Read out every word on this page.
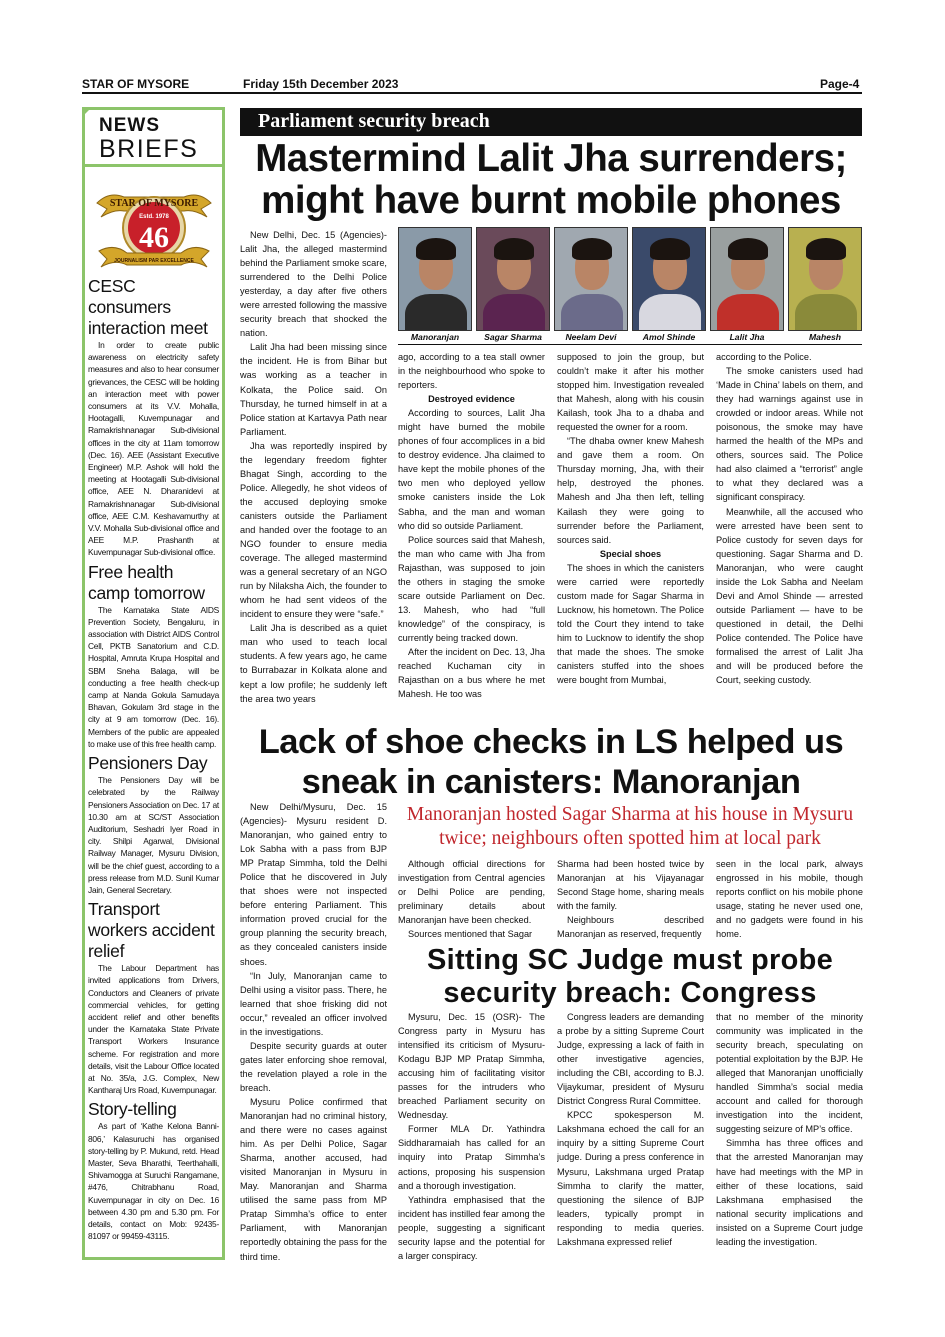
STAR OF MYSORE	Friday 15th December 2023	Page-4
NEWS
BRIEFS
STAR OF MYSORE
Estd. 1978
46
JOURNALISM PAR EXCELLENCE
CESC consumers interaction meet
In order to create public awareness on electricity safety measures and also to hear consumer grievances, the CESC will be holding an interaction meet with power consumers at its V.V. Mohalla, Hootagalli, Kuvempunagar and Ramakrishnanagar Sub-divisional offices in the city at 11am tomorrow (Dec. 16). AEE (Assistant Executive Engineer) M.P. Ashok will hold the meeting at Hootagalli Sub-divisional office, AEE N. Dharanidevi at Ramakrishnanagar Sub-divisional office, AEE C.M. Keshavamurthy at V.V. Mohalla Sub-divisional office and AEE M.P. Prashanth at Kuvempunagar Sub-divisional office.
Free health camp tomorrow
The Karnataka State AIDS Prevention Society, Bengaluru, in association with District AIDS Control Cell, PKTB Sanatorium and C.D. Hospital, Amruta Krupa Hospital and SBM Sneha Balaga, will be conducting a free health check-up camp at Nanda Gokula Samudaya Bhavan, Gokulam 3rd stage in the city at 9 am tomorrow (Dec. 16). Members of the public are appealed to make use of this free health camp.
Pensioners Day
The Pensioners Day will be celebrated by the Railway Pensioners Association on Dec. 17 at 10.30 am at SC/ST Association Auditorium, Seshadri Iyer Road in city. Shilpi Agarwal, Divisional Railway Manager, Mysuru Division, will be the chief guest, according to a press release from M.D. Sunil Kumar Jain, General Secretary.
Transport workers accident relief
The Labour Department has invited applications from Drivers, Conductors and Cleaners of private commercial vehicles, for getting accident relief and other benefits under the Karnataka State Private Transport Workers Insurance scheme. For registration and more details, visit the Labour Office located at No. 35/a, J.G. Complex, New Kantharaj Urs Road, Kuvempunagar.
Story-telling
As part of ‘Kathe Kelona Banni-806,’ Kalasuruchi has organised story-telling by P. Mukund, retd. Head Master, Seva Bharathi, Teerthahalli, Shivamogga at Suruchi Rangamane, #476, Chitrabhanu Road, Kuvempunagar in city on Dec. 16 between 4.30 pm and 5.30 pm. For details, contact on Mob: 92435-81097 or 99459-43115.
Parliament security breach
Mastermind Lalit Jha surrenders; might have burnt mobile phones

New Delhi, Dec. 15 (Agencies)- Lalit Jha, the alleged mastermind behind the Parliament smoke scare, surrendered to the Delhi Police yesterday, a day after five others were arrested following the massive security breach that shocked the nation.

Lalit Jha had been missing since the incident. He is from Bihar but was working as a teacher in Kolkata, the Police said. On Thursday, he turned himself in at a Police station at Kartavya Path near Parliament.

Jha was reportedly inspired by the legendary freedom fighter Bhagat Singh, according to the Police. Allegedly, he shot videos of the accused deploying smoke canisters outside the Parliament and handed over the footage to an NGO founder to ensure media coverage. The alleged mastermind was a general secretary of an NGO run by Nilaksha Aich, the founder to whom he had sent videos of the incident to ensure they were “safe.”

Lalit Jha is described as a quiet man who used to teach local students. A few years ago, he came to Burrabazar in Kolkata alone and kept a low profile; he suddenly left the area two years

Manoranjan	Sagar Sharma	Neelam Devi	Amol Shinde	Lalit Jha	Mahesh

ago, according to a tea stall owner in the neighbourhood who spoke to reporters.

Destroyed evidence

According to sources, Lalit Jha might have burned the mobile phones of four accomplices in a bid to destroy evidence. Jha claimed to have kept the mobile phones of the two men who deployed yellow smoke canisters inside the Lok Sabha, and the man and woman who did so outside Parliament.

Police sources said that Mahesh, the man who came with Jha from Rajasthan, was supposed to join the others in staging the smoke scare outside Parliament on Dec. 13. Mahesh, who had “full knowledge” of the conspiracy, is currently being tracked down.

After the incident on Dec. 13, Jha reached Kuchaman city in Rajasthan on a bus where he met Mahesh. He too was

supposed to join the group, but couldn’t make it after his mother stopped him. Investigation revealed that Mahesh, along with his cousin Kailash, took Jha to a dhaba and requested the owner for a room.

“The dhaba owner knew Mahesh and gave them a room. On Thursday morning, Jha, with their help, destroyed the phones. Mahesh and Jha then left, telling Kailash they were going to surrender before the Parliament, sources said.

Special shoes

The shoes in which the canisters were carried were reportedly custom made for Sagar Sharma in Lucknow, his hometown. The Police told the Court they intend to take him to Lucknow to identify the shop that made the shoes. The smoke canisters stuffed into the shoes were bought from Mumbai,

according to the Police.

The smoke canisters used had ‘Made in China’ labels on them, and they had warnings against use in crowded or indoor areas. While not poisonous, the smoke may have harmed the health of the MPs and others, sources said. The Police had also claimed a “terrorist” angle to what they declared was a significant conspiracy.

Meanwhile, all the accused who were arrested have been sent to Police custody for seven days for questioning. Sagar Sharma and D. Manoranjan, who were caught inside the Lok Sabha and Neelam Devi and Amol Shinde — arrested outside Parliament — have to be questioned in detail, the Delhi Police contended. The Police have formalised the arrest of Lalit Jha and will be produced before the Court, seeking custody.

Lack of shoe checks in LS helped us sneak in canisters: Manoranjan

New Delhi/Mysuru, Dec. 15 (Agencies)- Mysuru resident D. Manoranjan, who gained entry to Lok Sabha with a pass from BJP MP Pratap Simmha, told the Delhi Police that he discovered in July that shoes were not inspected before entering Parliament. This information proved crucial for the group planning the security breach, as they concealed canisters inside shoes.

“In July, Manoranjan came to Delhi using a visitor pass. There, he learned that shoe frisking did not occur,” revealed an officer involved in the investigations.

Despite security guards at outer gates later enforcing shoe removal, the revelation played a role in the breach.

Mysuru Police confirmed that Manoranjan had no criminal history, and there were no cases against him. As per Delhi Police, Sagar Sharma, another accused, had visited Manoranjan in Mysuru in May. Manoranjan and Sharma utilised the same pass from MP Pratap Simmha’s office to enter Parliament, with Manoranjan reportedly obtaining the pass for the third time.

Manoranjan hosted Sagar Sharma at his house in Mysuru twice; neighbours often spotted him at local park

Although official directions for investigation from Central agencies or Delhi Police are pending, preliminary details about Manoranjan have been checked.

Sources mentioned that Sagar

Sharma had been hosted twice by Manoranjan at his Vijayanagar Second Stage home, sharing meals with the family.

Neighbours described Manoranjan as reserved, frequently

seen in the local park, always engrossed in his mobile, though reports conflict on his mobile phone usage, stating he never used one, and no gadgets were found in his home.

Sitting SC Judge must probe security breach: Congress

Mysuru, Dec. 15 (OSR)- The Congress party in Mysuru has intensified its criticism of Mysuru-Kodagu BJP MP Pratap Simmha, accusing him of facilitating visitor passes for the intruders who breached Parliament security on Wednesday.

Former MLA Dr. Yathindra Siddharamaiah has called for an inquiry into Pratap Simmha’s actions, proposing his suspension and a thorough investigation.

Yathindra emphasised that the incident has instilled fear among the people, suggesting a significant security lapse and the potential for a larger conspiracy.

Congress leaders are demanding a probe by a sitting Supreme Court Judge, expressing a lack of faith in other investigative agencies, including the CBI, according to B.J. Vijaykumar, president of Mysuru District Congress Rural Committee.

KPCC spokesperson M. Lakshmana echoed the call for an inquiry by a sitting Supreme Court judge. During a press conference in Mysuru, Lakshmana urged Pratap Simmha to clarify the matter, questioning the silence of BJP leaders, typically prompt in responding to media queries. Lakshmana expressed relief

that no member of the minority community was implicated in the security breach, speculating on potential exploitation by the BJP. He alleged that Manoranjan unofficially handled Simmha’s social media account and called for thorough investigation into the incident, suggesting seizure of MP’s office.

Simmha has three offices and that the arrested Manoranjan may have had meetings with the MP in either of these locations, said Lakshmana emphasised the national security implications and insisted on a Supreme Court judge leading the investigation.
